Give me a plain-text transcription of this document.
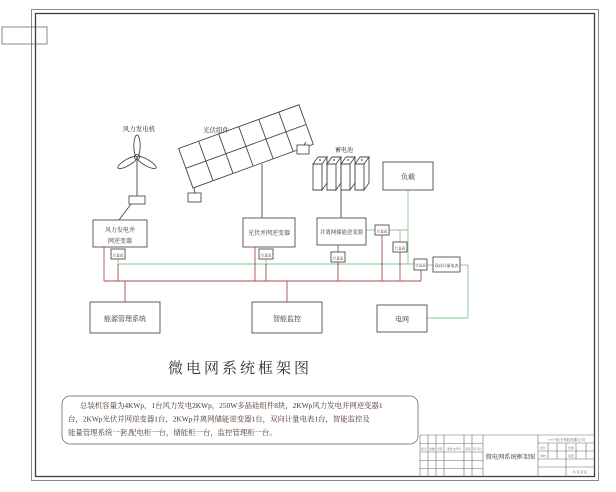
风力发电机	光伏组件
蓄电池
风力发电并
网逆变器
光伏并网逆变器	并离网储能逆变器
负载
能源管理系统	智能监控	电网
计量表	计量表
计量表
计量表
计量表
计量表 双向计量电表
微电网系统框架图
总装机容量为4KWp，1台风力发电2KWp，250W多晶硅组件8块，2KWp风力发电并网逆变器1
台，2KWp光伏并网逆变器1台，2KWp并离网储能逆变器1台，双向计量电表1台，智能监控及
能量管理系统一套,配电柜一台，储能柜一台，监控管理柜一台。
标记 处数 分区 更改文件号 签名 年月日
微电网系统框架图
××××电子科技有限公司
设计
审核
比例
质量
共 张 第 张
